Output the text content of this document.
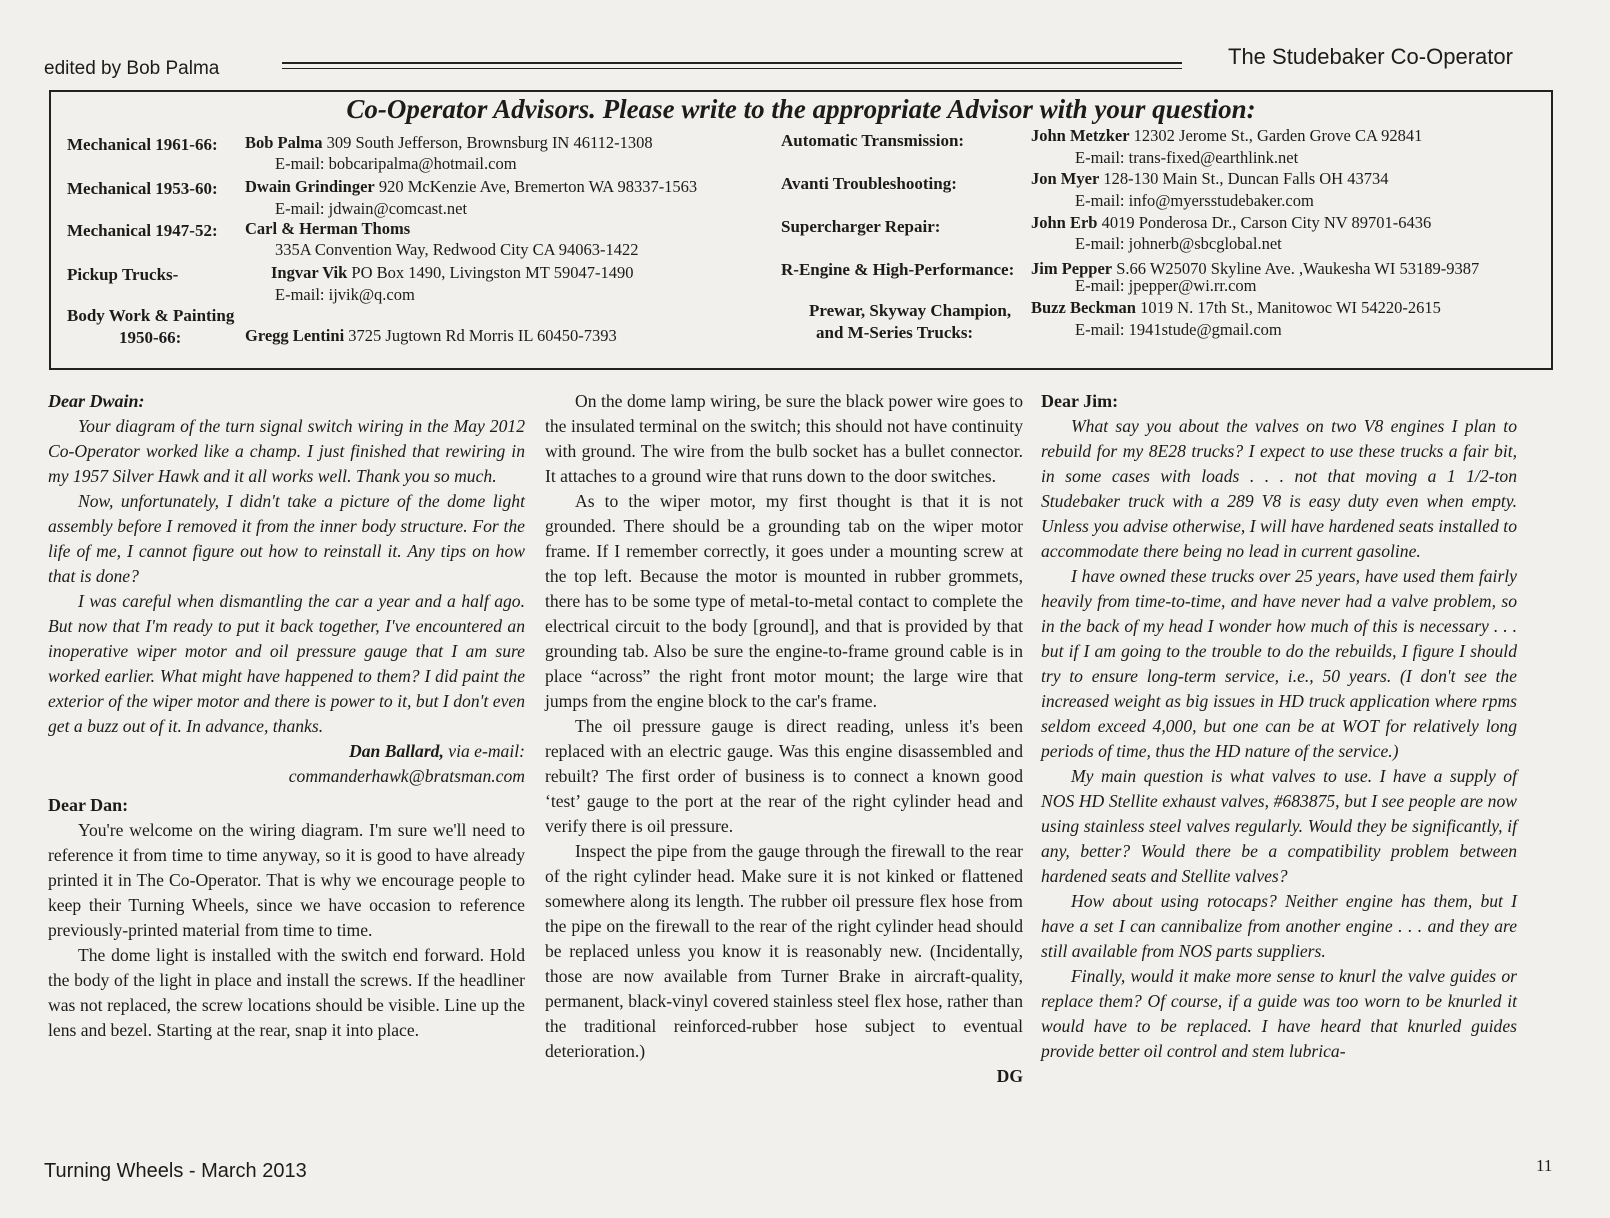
edited by Bob Palma	The Studebaker Co-Operator
Co-Operator Advisors. Please write to the appropriate Advisor with your question:
Mechanical 1961-66: Bob Palma 309 South Jefferson, Brownsburg IN 46112-1308
E-mail: bobcaripalma@hotmail.com
Mechanical 1953-60: Dwain Grindinger 920 McKenzie Ave, Bremerton WA 98337-1563
E-mail: jdwain@comcast.net
Mechanical 1947-52: Carl & Herman Thoms
335A Convention Way, Redwood City CA 94063-1422
Pickup Trucks-	Ingvar Vik PO Box 1490, Livingston MT 59047-1490
E-mail: ijvik@q.com
Body Work & Painting
1950-66:	Gregg Lentini 3725 Jugtown Rd Morris IL 60450-7393
Automatic Transmission:	John Metzker 12302 Jerome St., Garden Grove CA 92841
E-mail: trans-fixed@earthlink.net
Avanti Troubleshooting:	Jon Myer 128-130 Main St., Duncan Falls OH 43734
E-mail: info@myersstudebaker.com
Supercharger Repair:	John Erb 4019 Ponderosa Dr., Carson City NV 89701-6436
E-mail: johnerb@sbcglobal.net
R-Engine & High-Performance: Jim Pepper S.66 W25070 Skyline Ave. ,Waukesha WI 53189-9387
E-mail: jpepper@wi.rr.com
Prewar, Skyway Champion,
and M-Series Trucks:
Buzz Beckman 1019 N. 17th St., Manitowoc WI 54220-2615
E-mail: 1941stude@gmail.com

Dear Dwain:

Your diagram of the turn signal switch wiring in the May 2012 Co-Operator worked like a champ. I just finished that rewiring in my 1957 Silver Hawk and it all works well. Thank you so much.

Now, unfortunately, I didn't take a picture of the dome light assembly before I removed it from the inner body structure. For the life of me, I cannot figure out how to reinstall it. Any tips on how that is done?

I was careful when dismantling the car a year and a half ago. But now that I'm ready to put it back together, I've encountered an inoperative wiper motor and oil pressure gauge that I am sure worked earlier. What might have happened to them? I did paint the exterior of the wiper motor and there is power to it, but I don't even get a buzz out of it. In advance, thanks.

Dan Ballard, via e-mail:

commanderhawk@bratsman.com

Dear Dan:

You're welcome on the wiring diagram. I'm sure we'll need to reference it from time to time anyway, so it is good to have already printed it in The Co-Operator. That is why we encourage people to keep their Turning Wheels, since we have occasion to reference previously-printed material from time to time.

The dome light is installed with the switch end forward. Hold the body of the light in place and install the screws. If the headliner was not replaced, the screw locations should be visible. Line up the lens and bezel. Starting at the rear, snap it into place.

On the dome lamp wiring, be sure the black power wire goes to the insulated terminal on the switch; this should not have continuity with ground. The wire from the bulb socket has a bullet connector. It attaches to a ground wire that runs down to the door switches.

As to the wiper motor, my first thought is that it is not grounded. There should be a grounding tab on the wiper motor frame. If I remember correctly, it goes under a mounting screw at the top left. Because the motor is mounted in rubber grommets, there has to be some type of metal-to-metal contact to complete the electrical circuit to the body [ground], and that is provided by that grounding tab. Also be sure the engine-to-frame ground cable is in place “across” the right front motor mount; the large wire that jumps from the engine block to the car's frame.

The oil pressure gauge is direct reading, unless it's been replaced with an electric gauge. Was this engine disassembled and rebuilt? The first order of business is to connect a known good ‘test’ gauge to the port at the rear of the right cylinder head and verify there is oil pressure.

Inspect the pipe from the gauge through the firewall to the rear of the right cylinder head. Make sure it is not kinked or flattened somewhere along its length. The rubber oil pressure flex hose from the pipe on the firewall to the rear of the right cylinder head should be replaced unless you know it is reasonably new. (Incidentally, those are now available from Turner Brake in aircraft-quality, permanent, black-vinyl covered stainless steel flex hose, rather than the traditional reinforced-rubber hose subject to eventual deterioration.)

DG

Dear Jim:

What say you about the valves on two V8 engines I plan to rebuild for my 8E28 trucks? I expect to use these trucks a fair bit, in some cases with loads . . . not that moving a 1 1/2-ton Studebaker truck with a 289 V8 is easy duty even when empty. Unless you advise otherwise, I will have hardened seats installed to accommodate there being no lead in current gasoline.

I have owned these trucks over 25 years, have used them fairly heavily from time-to-time, and have never had a valve problem, so in the back of my head I wonder how much of this is necessary . . . but if I am going to the trouble to do the rebuilds, I figure I should try to ensure long-term service, i.e., 50 years. (I don't see the increased weight as big issues in HD truck application where rpms seldom exceed 4,000, but one can be at WOT for relatively long periods of time, thus the HD nature of the service.)

My main question is what valves to use. I have a supply of NOS HD Stellite exhaust valves, #683875, but I see people are now using stainless steel valves regularly. Would they be significantly, if any, better? Would there be a compatibility problem between hardened seats and Stellite valves?

How about using rotocaps? Neither engine has them, but I have a set I can cannibalize from another engine . . . and they are still available from NOS parts suppliers.

Finally, would it make more sense to knurl the valve guides or replace them? Of course, if a guide was too worn to be knurled it would have to be replaced. I have heard that knurled guides provide better oil control and stem lubrica-

Turning Wheels - March 2013	11
